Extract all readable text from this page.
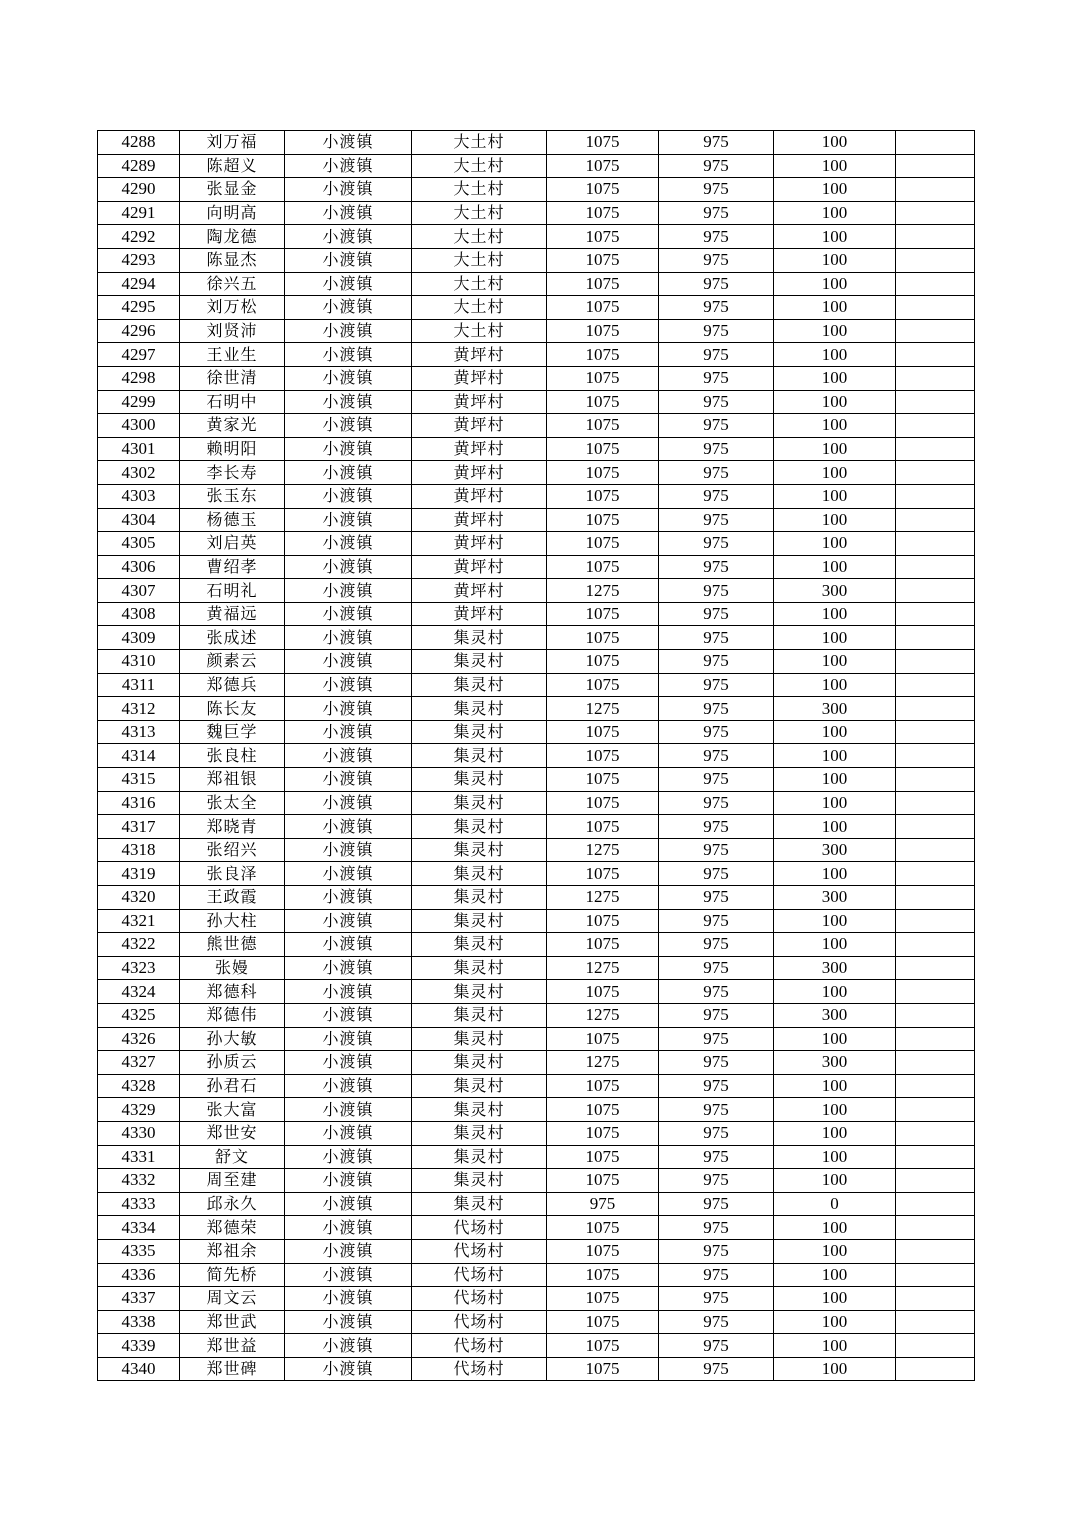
4288	刘万福	小渡镇	大土村	1075	975	100	
4289	陈超义	小渡镇	大土村	1075	975	100	
4290	张显金	小渡镇	大土村	1075	975	100	
4291	向明高	小渡镇	大土村	1075	975	100	
4292	陶龙德	小渡镇	大土村	1075	975	100	
4293	陈显杰	小渡镇	大土村	1075	975	100	
4294	徐兴五	小渡镇	大土村	1075	975	100	
4295	刘万松	小渡镇	大土村	1075	975	100	
4296	刘贤沛	小渡镇	大土村	1075	975	100	
4297	王业生	小渡镇	黄坪村	1075	975	100	
4298	徐世清	小渡镇	黄坪村	1075	975	100	
4299	石明中	小渡镇	黄坪村	1075	975	100	
4300	黄家光	小渡镇	黄坪村	1075	975	100	
4301	赖明阳	小渡镇	黄坪村	1075	975	100	
4302	李长寿	小渡镇	黄坪村	1075	975	100	
4303	张玉东	小渡镇	黄坪村	1075	975	100	
4304	杨德玉	小渡镇	黄坪村	1075	975	100	
4305	刘启英	小渡镇	黄坪村	1075	975	100	
4306	曹绍孝	小渡镇	黄坪村	1075	975	100	
4307	石明礼	小渡镇	黄坪村	1275	975	300	
4308	黄福远	小渡镇	黄坪村	1075	975	100	
4309	张成述	小渡镇	集灵村	1075	975	100	
4310	颜素云	小渡镇	集灵村	1075	975	100	
4311	郑德兵	小渡镇	集灵村	1075	975	100	
4312	陈长友	小渡镇	集灵村	1275	975	300	
4313	魏巨学	小渡镇	集灵村	1075	975	100	
4314	张良柱	小渡镇	集灵村	1075	975	100	
4315	郑祖银	小渡镇	集灵村	1075	975	100	
4316	张太全	小渡镇	集灵村	1075	975	100	
4317	郑晓青	小渡镇	集灵村	1075	975	100	
4318	张绍兴	小渡镇	集灵村	1275	975	300	
4319	张良泽	小渡镇	集灵村	1075	975	100	
4320	王政霞	小渡镇	集灵村	1275	975	300	
4321	孙大柱	小渡镇	集灵村	1075	975	100	
4322	熊世德	小渡镇	集灵村	1075	975	100	
4323	张嫚	小渡镇	集灵村	1275	975	300	
4324	郑德科	小渡镇	集灵村	1075	975	100	
4325	郑德伟	小渡镇	集灵村	1275	975	300	
4326	孙大敏	小渡镇	集灵村	1075	975	100	
4327	孙质云	小渡镇	集灵村	1275	975	300	
4328	孙君石	小渡镇	集灵村	1075	975	100	
4329	张大富	小渡镇	集灵村	1075	975	100	
4330	郑世安	小渡镇	集灵村	1075	975	100	
4331	舒文	小渡镇	集灵村	1075	975	100	
4332	周至建	小渡镇	集灵村	1075	975	100	
4333	邱永久	小渡镇	集灵村	975	975	0	
4334	郑德荣	小渡镇	代场村	1075	975	100	
4335	郑祖余	小渡镇	代场村	1075	975	100	
4336	简先桥	小渡镇	代场村	1075	975	100	
4337	周文云	小渡镇	代场村	1075	975	100	
4338	郑世武	小渡镇	代场村	1075	975	100	
4339	郑世益	小渡镇	代场村	1075	975	100	
4340	郑世碑	小渡镇	代场村	1075	975	100	
